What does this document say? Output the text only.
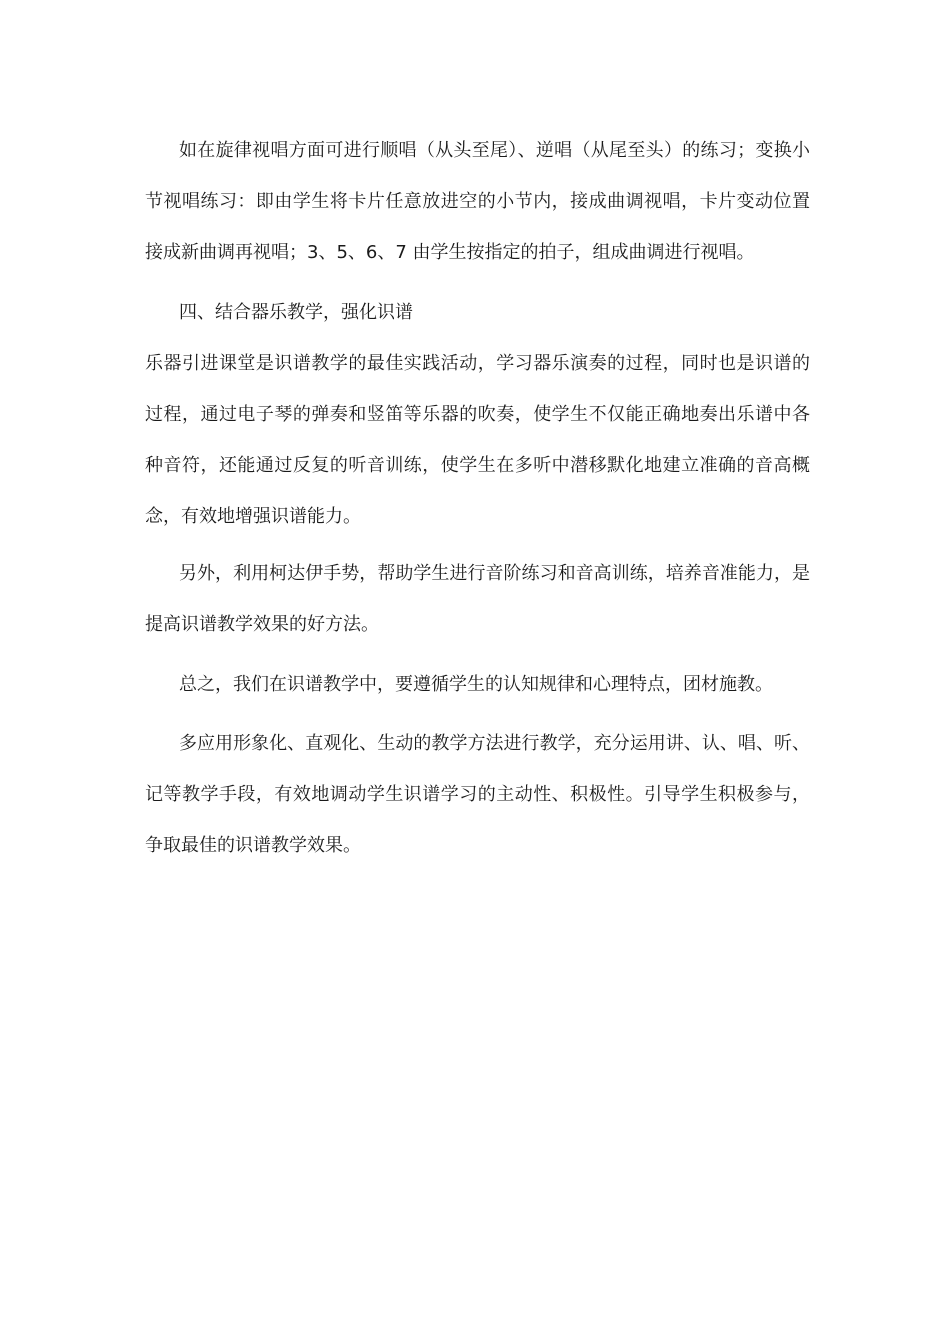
如在旋律视唱方面可进行顺唱（从头至尾）、逆唱（从尾至头）的练习；变换小节视唱练习：即由学生将卡片任意放进空的小节内，接成曲调视唱，卡片变动位置接成新曲调再视唱；3、5、6、7 由学生按指定的拍子，组成曲调进行视唱。

四、结合器乐教学，强化识谱

乐器引进课堂是识谱教学的最佳实践活动，学习器乐演奏的过程，同时也是识谱的过程，通过电子琴的弹奏和竖笛等乐器的吹奏，使学生不仅能正确地奏出乐谱中各种音符，还能通过反复的听音训练，使学生在多听中潜移默化地建立准确的音高概念，有效地增强识谱能力。

另外，利用柯达伊手势，帮助学生进行音阶练习和音高训练，培养音准能力，是提高识谱教学效果的好方法。

总之，我们在识谱教学中，要遵循学生的认知规律和心理特点，团材施教。

多应用形象化、直观化、生动的教学方法进行教学，充分运用讲、认、唱、听、记等教学手段，有效地调动学生识谱学习的主动性、积极性。引导学生积极参与，争取最佳的识谱教学效果。
